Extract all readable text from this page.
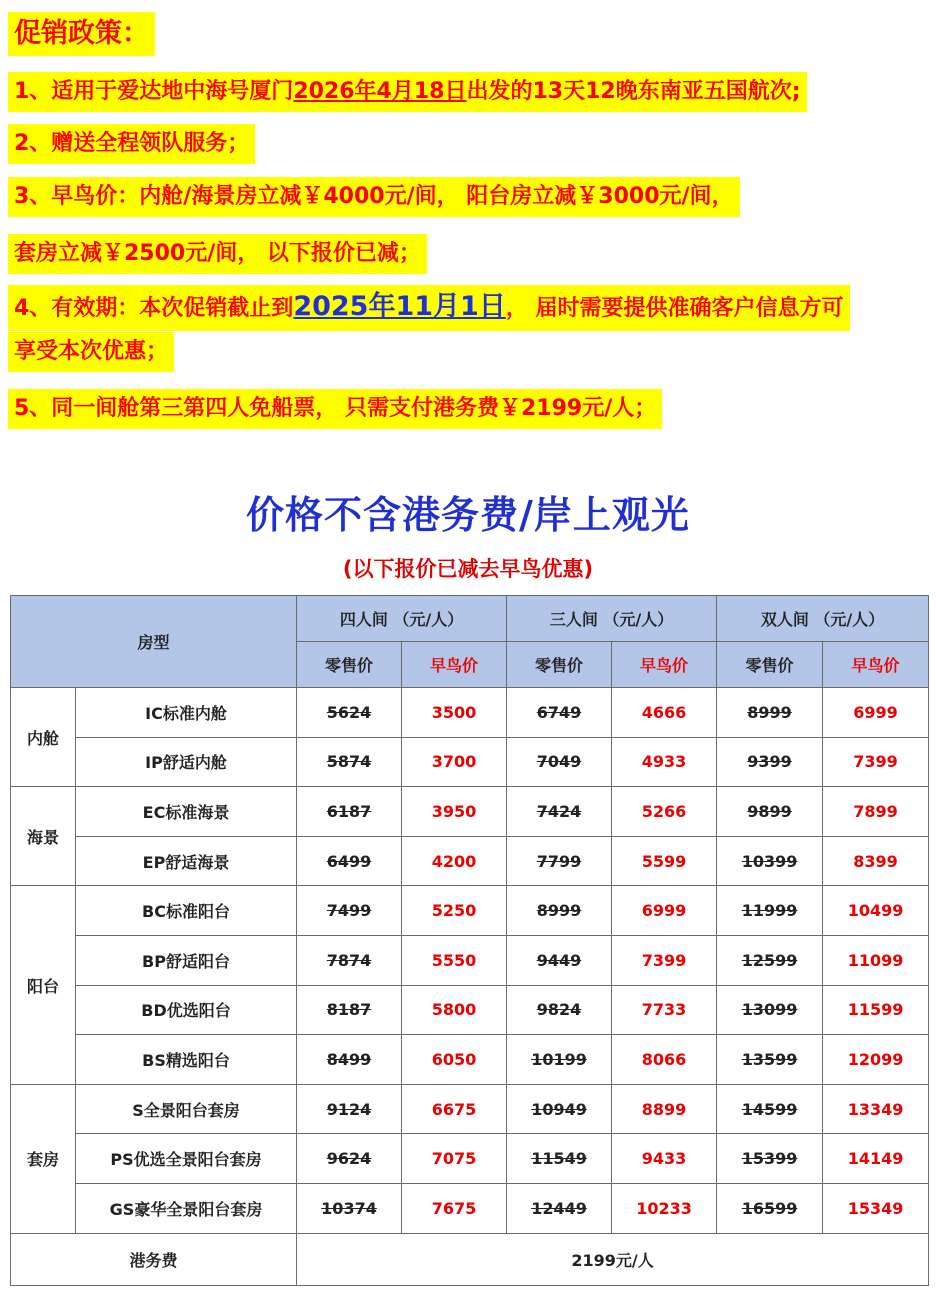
促销政策：
1、适用于爱达地中海号厦门2026年4月18日出发的13天12晚东南亚五国航次;
2、赠送全程领队服务；
3、早鸟价：内舱/海景房立减￥4000元/间， 阳台房立减￥3000元/间，
套房立减￥2500元/间， 以下报价已减；
4、有效期：本次促销截止到2025年11月1日， 届时需要提供准确客户信息方可
享受本次优惠；
5、同一间舱第三第四人免船票， 只需支付港务费￥2199元/人；
价格不含港务费/岸上观光
(以下报价已减去早鸟优惠)
房型		四人间 （元/人）		三人间 （元/人）		双人间 （元/人）	
		零售价	早鸟价	零售价	早鸟价	零售价	早鸟价
内舱	IC标准内舱	5624	3500	6749	4666	8999	6999
	IP舒适内舱	5874	3700	7049	4933	9399	7399
海景	EC标准海景	6187	3950	7424	5266	9899	7899
	EP舒适海景	6499	4200	7799	5599	10399	8399
阳台	BC标准阳台	7499	5250	8999	6999	11999	10499
	BP舒适阳台	7874	5550	9449	7399	12599	11099
	BD优选阳台	8187	5800	9824	7733	13099	11599
	BS精选阳台	8499	6050	10199	8066	13599	12099
套房	S全景阳台套房	9124	6675	10949	8899	14599	13349
	PS优选全景阳台套房	9624	7075	11549	9433	15399	14149
	GS豪华全景阳台套房	10374	7675	12449	10233	16599	15349
港务费		2199元/人					
